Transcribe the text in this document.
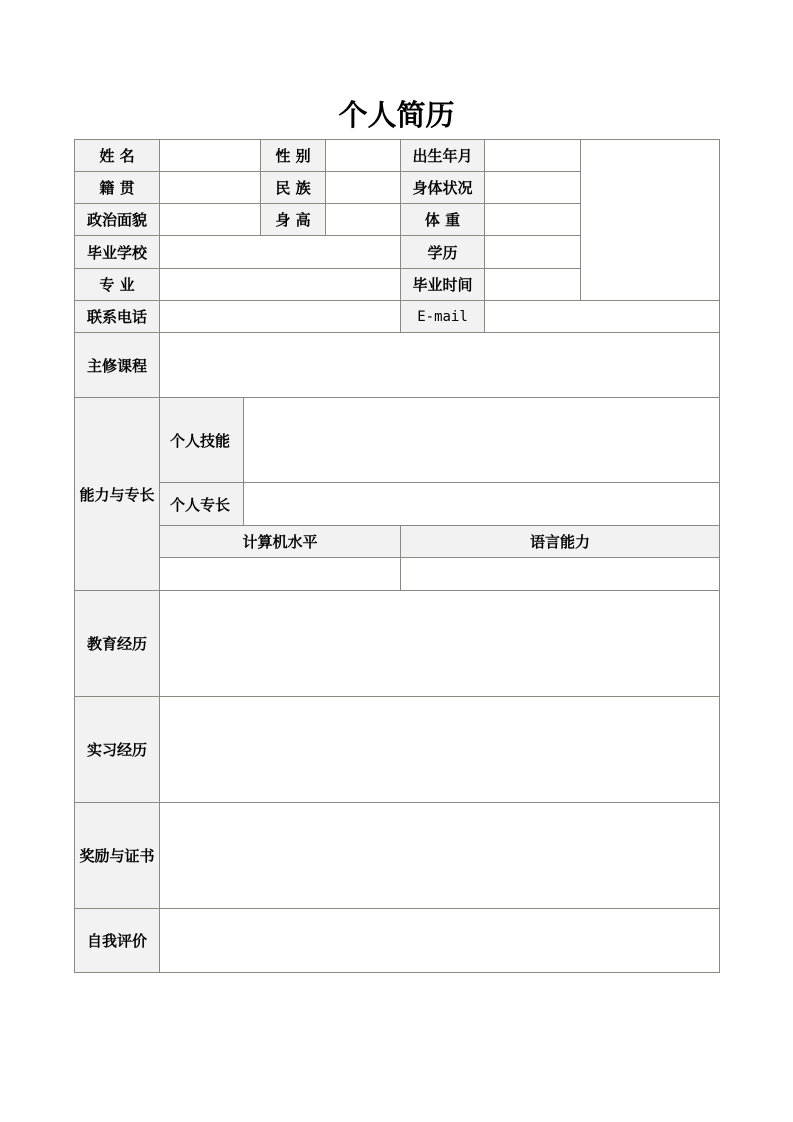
个人简历
姓 名			性 别		出生年月		
籍 贯			民 族		身体状况		
政治面貌			身 高		体 重		
毕业学校					学历		
专 业					毕业时间		
联系电话					E-mail		
主修课程							
能力与专长	个人技能						
	个人专长						
	计算机水平				语言能力		

教育经历							
实习经历							
奖励与证书							
自我评价							
